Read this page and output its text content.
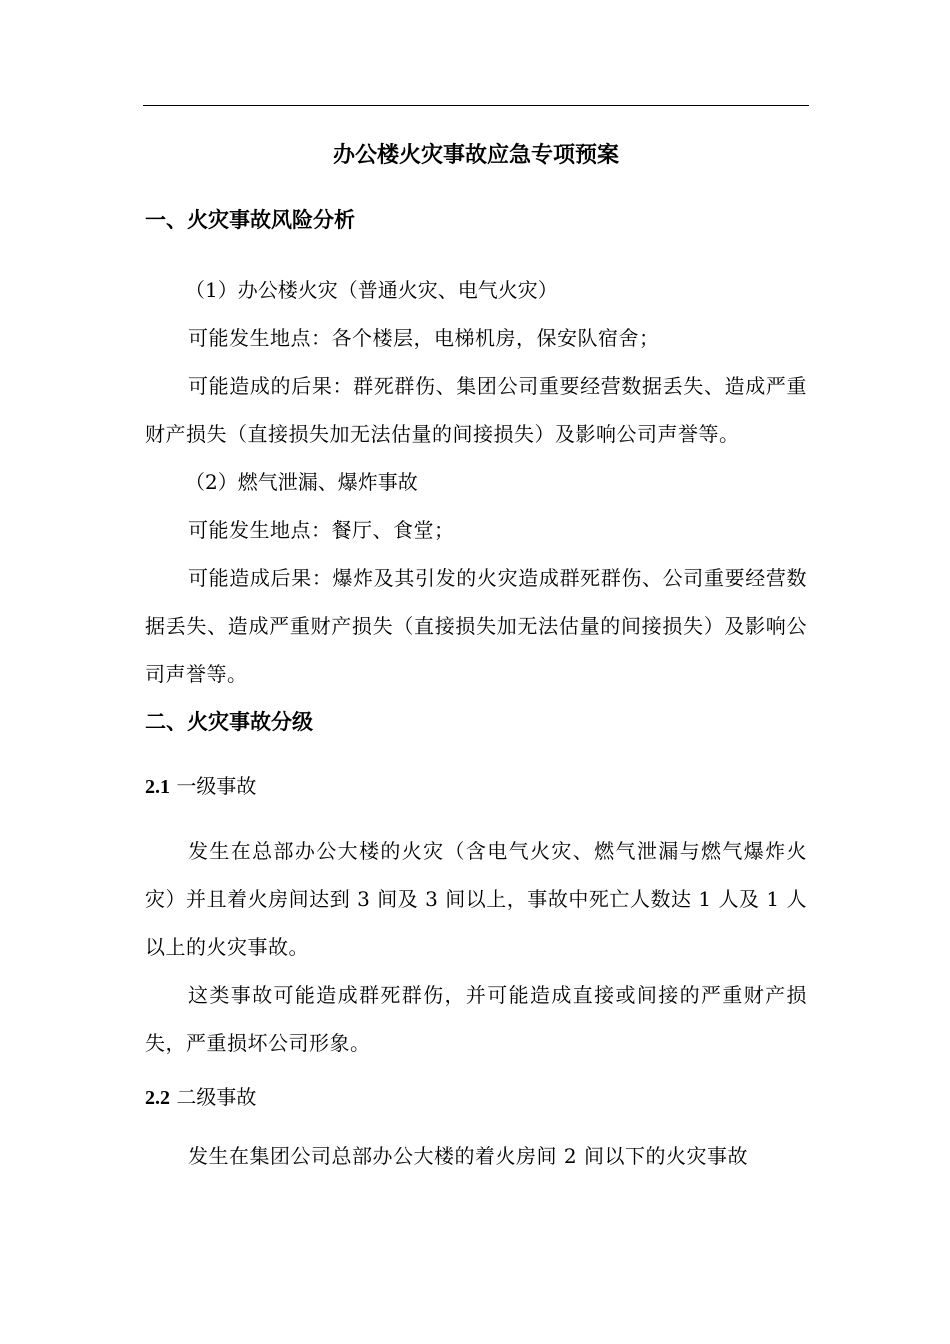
办公楼火灾事故应急专项预案
一、火灾事故风险分析
（1）办公楼火灾（普通火灾、电气火灾）
可能发生地点：各个楼层，电梯机房，保安队宿舍；
可能造成的后果：群死群伤、集团公司重要经营数据丢失、造成严重财产损失（直接损失加无法估量的间接损失）及影响公司声誉等。
（2）燃气泄漏、爆炸事故
可能发生地点：餐厅、食堂；
可能造成后果：爆炸及其引发的火灾造成群死群伤、公司重要经营数据丢失、造成严重财产损失（直接损失加无法估量的间接损失）及影响公司声誉等。
二、火灾事故分级
2.1 一级事故
发生在总部办公大楼的火灾（含电气火灾、燃气泄漏与燃气爆炸火灾）并且着火房间达到 3 间及 3 间以上，事故中死亡人数达 1 人及 1 人以上的火灾事故。
这类事故可能造成群死群伤，并可能造成直接或间接的严重财产损失，严重损坏公司形象。
2.2 二级事故
发生在集团公司总部办公大楼的着火房间 2 间以下的火灾事故
